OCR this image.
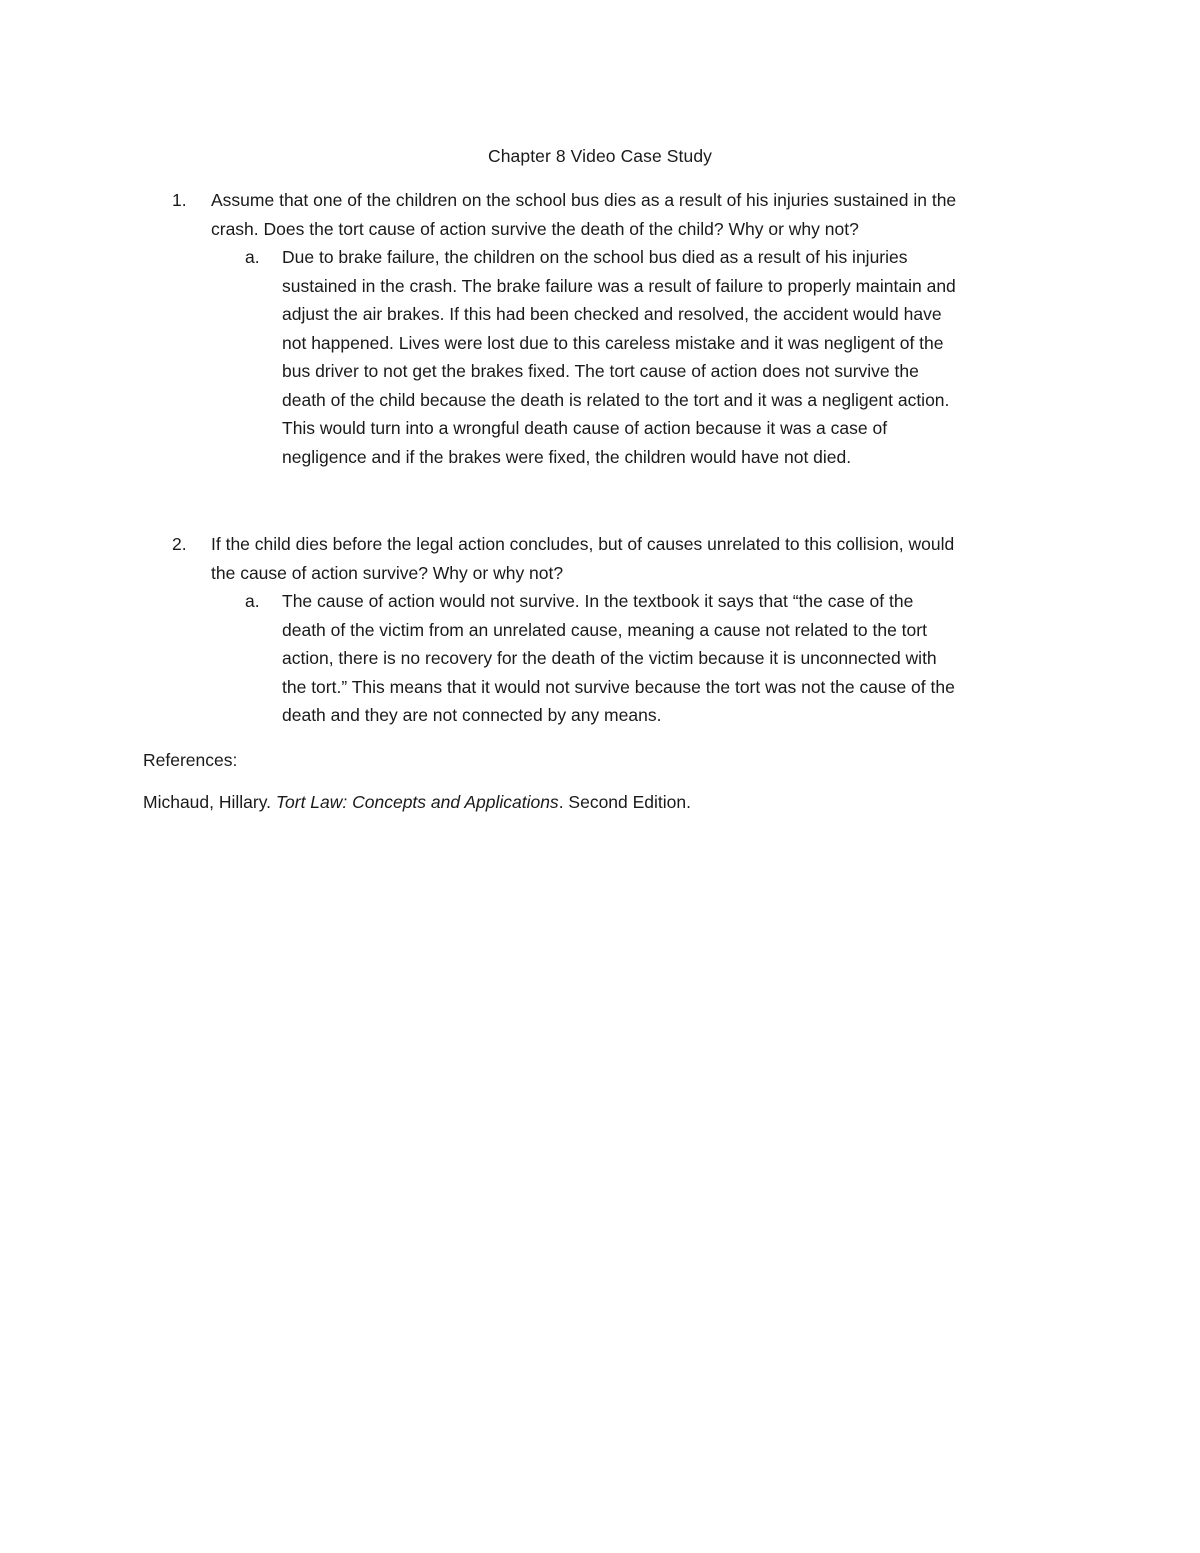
Chapter 8 Video Case Study
1. Assume that one of the children on the school bus dies as a result of his injuries sustained in the
crash. Does the tort cause of action survive the death of the child? Why or why not?
a. Due to brake failure, the children on the school bus died as a result of his injuries
sustained in the crash. The brake failure was a result of failure to properly maintain and
adjust the air brakes. If this had been checked and resolved, the accident would have
not happened. Lives were lost due to this careless mistake and it was negligent of the
bus driver to not get the brakes fixed. The tort cause of action does not survive the
death of the child because the death is related to the tort and it was a negligent action.
This would turn into a wrongful death cause of action because it was a case of
negligence and if the brakes were fixed, the children would have not died.
2. If the child dies before the legal action concludes, but of causes unrelated to this collision, would
the cause of action survive? Why or why not?
a. The cause of action would not survive. In the textbook it says that “the case of the
death of the victim from an unrelated cause, meaning a cause not related to the tort
action, there is no recovery for the death of the victim because it is unconnected with
the tort.” This means that it would not survive because the tort was not the cause of the
death and they are not connected by any means.
References:
Michaud, Hillary. Tort Law: Concepts and Applications. Second Edition.
